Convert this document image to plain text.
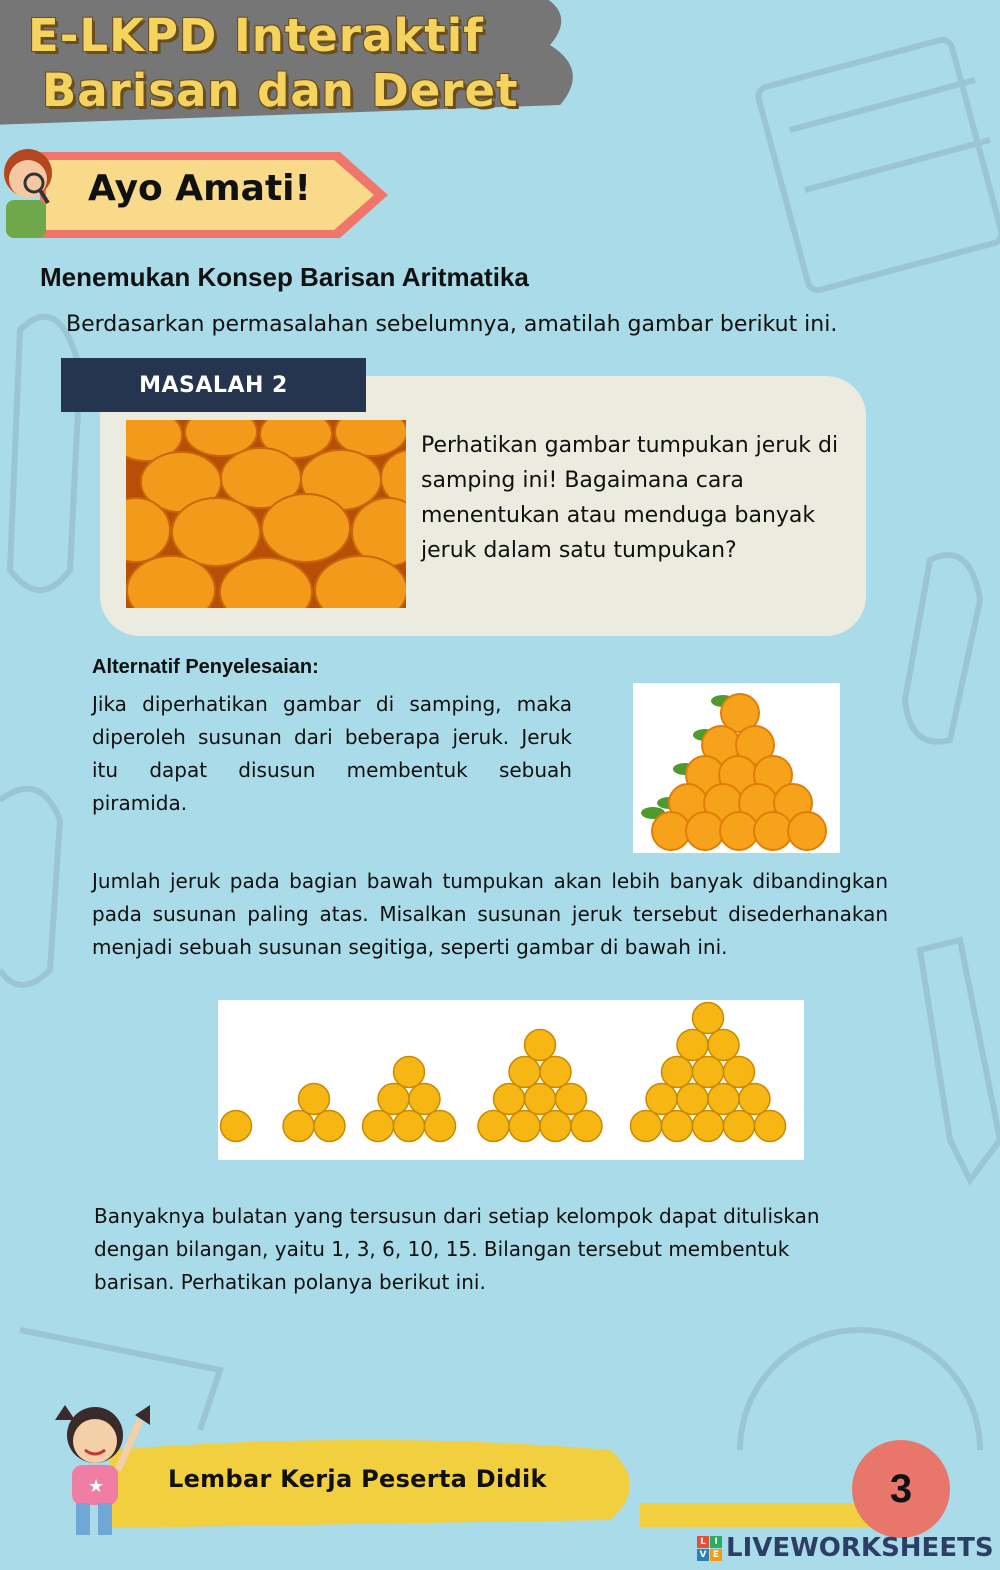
E-LKPD Interaktif
Barisan dan Deret
Ayo Amati!
Menemukan Konsep Barisan Aritmatika
Berdasarkan permasalahan sebelumnya, amatilah gambar berikut ini.
MASALAH 2
Perhatikan gambar tumpukan jeruk di samping ini! Bagaimana cara menentukan atau menduga banyak jeruk dalam satu tumpukan?
Alternatif Penyelesaian:
Jika diperhatikan gambar di samping, maka diperoleh susunan dari beberapa jeruk. Jeruk itu dapat disusun membentuk sebuah piramida.
Jumlah jeruk pada bagian bawah tumpukan akan lebih banyak dibandingkan pada susunan paling atas. Misalkan susunan jeruk tersebut disederhanakan menjadi sebuah susunan segitiga, seperti gambar di bawah ini.
Banyaknya bulatan yang tersusun dari setiap kelompok dapat dituliskan dengan bilangan, yaitu 1, 3, 6, 10, 15. Bilangan tersebut membentuk barisan. Perhatikan polanya berikut ini.
Lembar Kerja Peserta Didik	3
★
L I
V E LIVEWORKSHEETS
